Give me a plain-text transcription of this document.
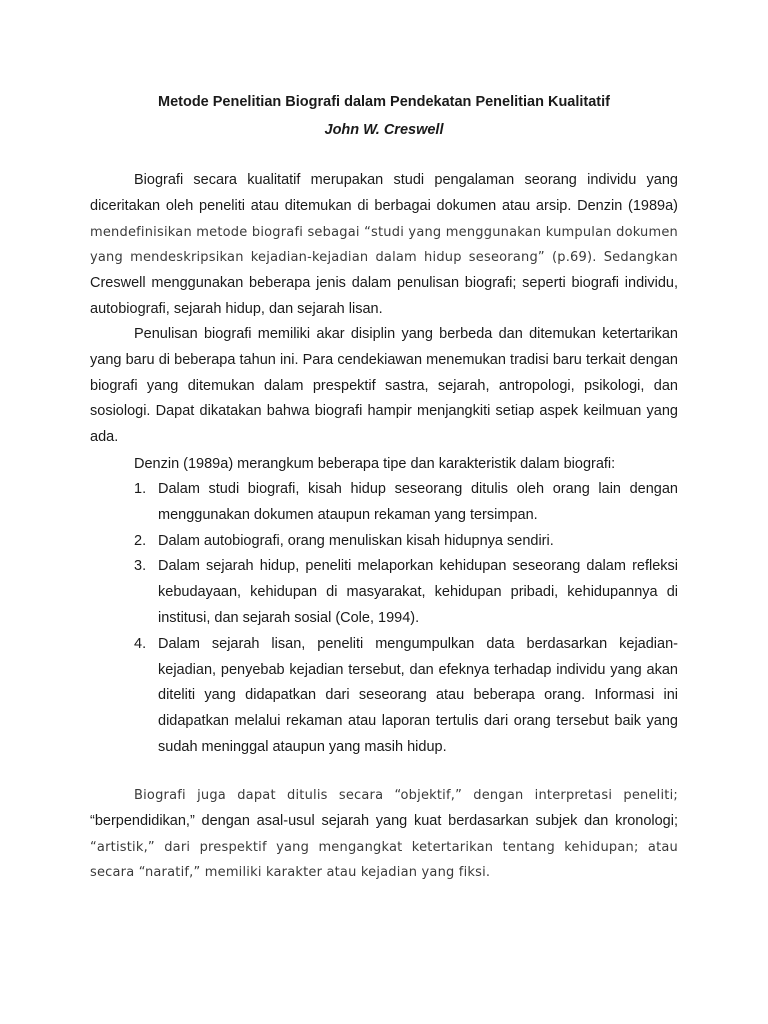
Metode Penelitian Biografi dalam Pendekatan Penelitian Kualitatif
John W. Creswell

Biografi secara kualitatif merupakan studi pengalaman seorang individu yang diceritakan oleh peneliti atau ditemukan di berbagai dokumen atau arsip. Denzin (1989a) mendefinisikan metode biografi sebagai “studi yang menggunakan kumpulan dokumen yang mendeskripsikan kejadian-kejadian dalam hidup seseorang” (p.69). Sedangkan Creswell menggunakan beberapa jenis dalam penulisan biografi; seperti biografi individu, autobiografi, sejarah hidup, dan sejarah lisan.

Penulisan biografi memiliki akar disiplin yang berbeda dan ditemukan ketertarikan yang baru di beberapa tahun ini. Para cendekiawan menemukan tradisi baru terkait dengan biografi yang ditemukan dalam prespektif sastra, sejarah, antropologi, psikologi, dan sosiologi. Dapat dikatakan bahwa biografi hampir menjangkiti setiap aspek keilmuan yang ada.

Denzin (1989a) merangkum beberapa tipe dan karakteristik dalam biografi:

1. Dalam studi biografi, kisah hidup seseorang ditulis oleh orang lain dengan menggunakan dokumen ataupun rekaman yang tersimpan.
2. Dalam autobiografi, orang menuliskan kisah hidupnya sendiri.
3. Dalam sejarah hidup, peneliti melaporkan kehidupan seseorang dalam refleksi kebudayaan, kehidupan di masyarakat, kehidupan pribadi, kehidupannya di institusi, dan sejarah sosial (Cole, 1994).
4. Dalam sejarah lisan, peneliti mengumpulkan data berdasarkan kejadian-kejadian, penyebab kejadian tersebut, dan efeknya terhadap individu yang akan diteliti yang didapatkan dari seseorang atau beberapa orang. Informasi ini didapatkan melalui rekaman atau laporan tertulis dari orang tersebut baik yang sudah meninggal ataupun yang masih hidup.

Biografi juga dapat ditulis secara “objektif,” dengan interpretasi peneliti; “berpendidikan,” dengan asal-usul sejarah yang kuat berdasarkan subjek dan kronologi; “artistik,” dari prespektif yang mengangkat ketertarikan tentang kehidupan; atau secara “naratif,” memiliki karakter atau kejadian yang fiksi.
